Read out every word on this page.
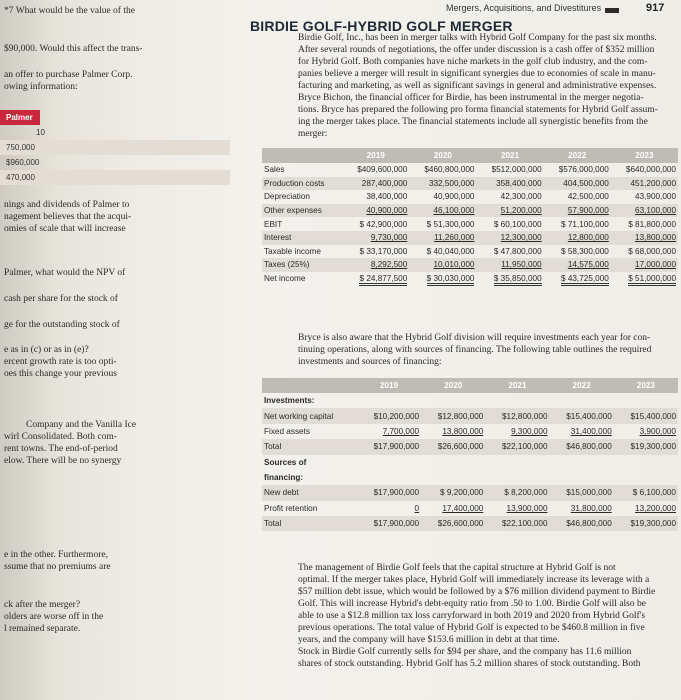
*7 What would be the value of the
$90,000. Would this affect the trans-
an offer to purchase Palmer Corp.
owing information:
Palmer
10
750,000
$960,000
470,000
nings and dividends of Palmer to
nagement believes that the acqui-
omies of scale that will increase
Palmer, what would the NPV of
cash per share for the stock of
ge for the outstanding stock of
e as in (c) or as in (e)?
ercent growth rate is too opti-
oes this change your previous
Company and the Vanilla Ice
wirl Consolidated. Both com-
rent towns. The end-of-period
elow. There will be no synergy
e in the other. Furthermore,
ssume that no premiums are
ck after the merger?
olders are worse off in the
l remained separate.
Mergers, Acquisitions, and Divestitures	917
BIRDIE GOLF-HYBRID GOLF MERGER
Birdie Golf, Inc., has been in merger talks with Hybrid Golf Company for the past six months.
After several rounds of negotiations, the offer under discussion is a cash offer of $352 million
for Hybrid Golf. Both companies have niche markets in the golf club industry, and the com-
panies believe a merger will result in significant synergies due to economies of scale in manu-
facturing and marketing, as well as significant savings in general and administrative expenses.
Bryce Bichon, the financial officer for Birdie, has been instrumental in the merger negotia-
tions. Bryce has prepared the following pro forma financial statements for Hybrid Golf assum-
ing the merger takes place. The financial statements include all synergistic benefits from the
merger:
	2019	2020	2021	2022	2023
Sales	$409,600,000	$460,800,000	$512,000,000	$576,000,000	$640,000,000
Production costs	287,400,000	332,500,000	358,400,000	404,500,000	451,200,000
Depreciation	38,400,000	40,900,000	42,300,000	42,500,000	43,900,000
Other expenses	40,900,000	46,100,000	51,200,000	57,900,000	63,100,000
EBIT	$ 42,900,000	$ 51,300,000	$ 60,100,000	$ 71,100,000	$ 81,800,000
Interest	9,730,000	11,260,000	12,300,000	12,800,000	13,800,000
Taxable income	$ 33,170,000	$ 40,040,000	$ 47,800,000	$ 58,300,000	$ 68,000,000
Taxes (25%)	8,292,500	10,010,000	11,950,000	14,575,000	17,000,000
Net income	$ 24,877,500	$ 30,030,000	$ 35,850,000	$ 43,725,000	$ 51,000,000
Bryce is also aware that the Hybrid Golf division will require investments each year for con-
tinuing operations, along with sources of financing. The following table outlines the required
investments and sources of financing:
	2019	2020	2021	2022	2023
Investments:					
Net working capital	$10,200,000	$12,800,000	$12,800,000	$15,400,000	$15,400,000
Fixed assets	7,700,000	13,800,000	9,300,000	31,400,000	3,900,000
Total	$17,900,000	$26,600,000	$22,100,000	$46,800,000	$19,300,000
Sources of					
financing:					
New debt	$17,900,000	$ 9,200,000	$ 8,200,000	$15,000,000	$ 6,100,000
Profit retention	0	17,400,000	13,900,000	31,800,000	13,200,000
Total	$17,900,000	$26,600,000	$22,100,000	$46,800,000	$19,300,000
The management of Birdie Golf feels that the capital structure at Hybrid Golf is not
optimal. If the merger takes place, Hybrid Golf will immediately increase its leverage with a
$57 million debt issue, which would be followed by a $76 million dividend payment to Birdie
Golf. This will increase Hybrid's debt-equity ratio from .50 to 1.00. Birdie Golf will also be
able to use a $12.8 million tax loss carryforward in both 2019 and 2020 from Hybrid Golf's
previous operations. The total value of Hybrid Golf is expected to be $460.8 million in five
years, and the company will have $153.6 million in debt at that time.
Stock in Birdie Golf currently sells for $94 per share, and the company has 11.6 million
shares of stock outstanding. Hybrid Golf has 5.2 million shares of stock outstanding. Both
